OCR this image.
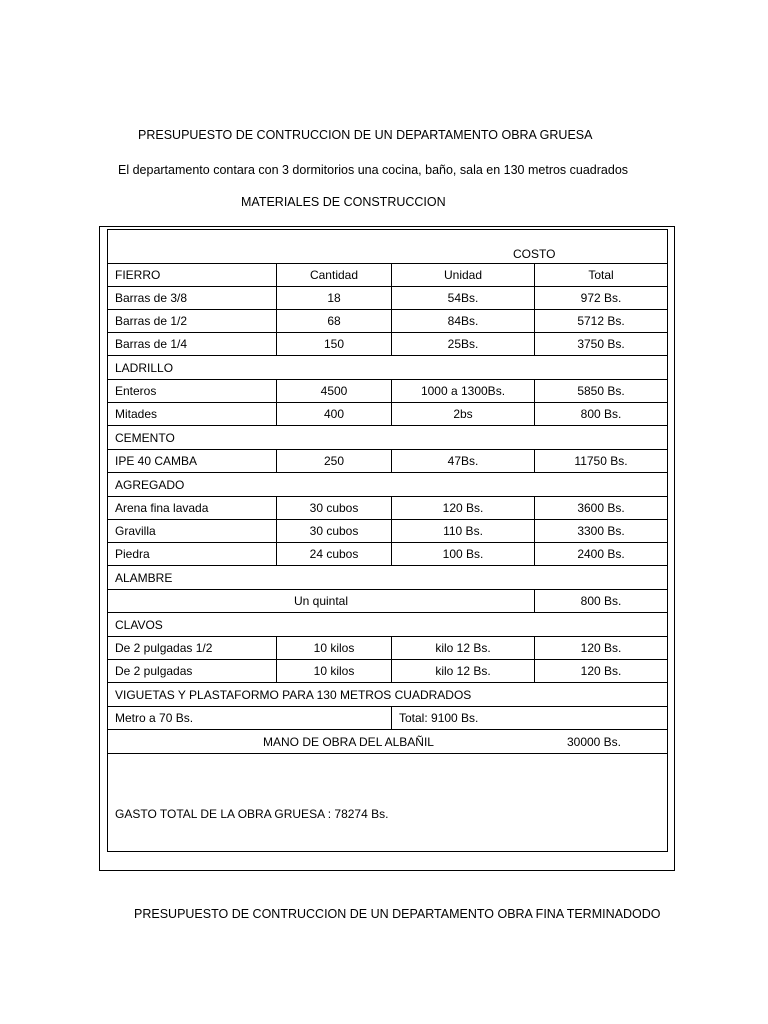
PRESUPUESTO DE CONTRUCCION DE UN DEPARTAMENTO OBRA GRUESA
El departamento contara con 3 dormitorios una cocina, baño, sala en 130 metros cuadrados
MATERIALES DE CONSTRUCCION
COSTO			

FIERRO	Cantidad	Unidad	Total
Barras de 3/8	18	54Bs.	972 Bs.
Barras de 1/2	68	84Bs.	5712 Bs.
Barras de 1/4	150	25Bs.	3750 Bs.
LADRILLO			
Enteros	4500	1000 a 1300Bs.	5850 Bs.
Mitades	400	2bs	800 Bs.
CEMENTO			
IPE 40 CAMBA	250	47Bs.	11750 Bs.
AGREGADO			
Arena fina lavada	30 cubos	120 Bs.	3600 Bs.
Gravilla	30 cubos	110 Bs.	3300 Bs.
Piedra	24 cubos	100 Bs.	2400 Bs.
ALAMBRE			
Un quintal			800 Bs.
CLAVOS			
De 2 pulgadas 1/2	10 kilos	kilo 12 Bs.	120 Bs.
De 2 pulgadas	10 kilos	kilo 12 Bs.	120 Bs.
VIGUETAS Y PLASTAFORMO PARA 130 METROS CUADRADOS			
Metro a 70 Bs.		Total: 9100 Bs.	
MANO DE OBRA DEL ALBAÑIL		30000 Bs.	
GASTO TOTAL DE LA OBRA GRUESA : 78274 Bs.			
PRESUPUESTO DE CONTRUCCION DE UN DEPARTAMENTO OBRA FINA TERMINADODO
